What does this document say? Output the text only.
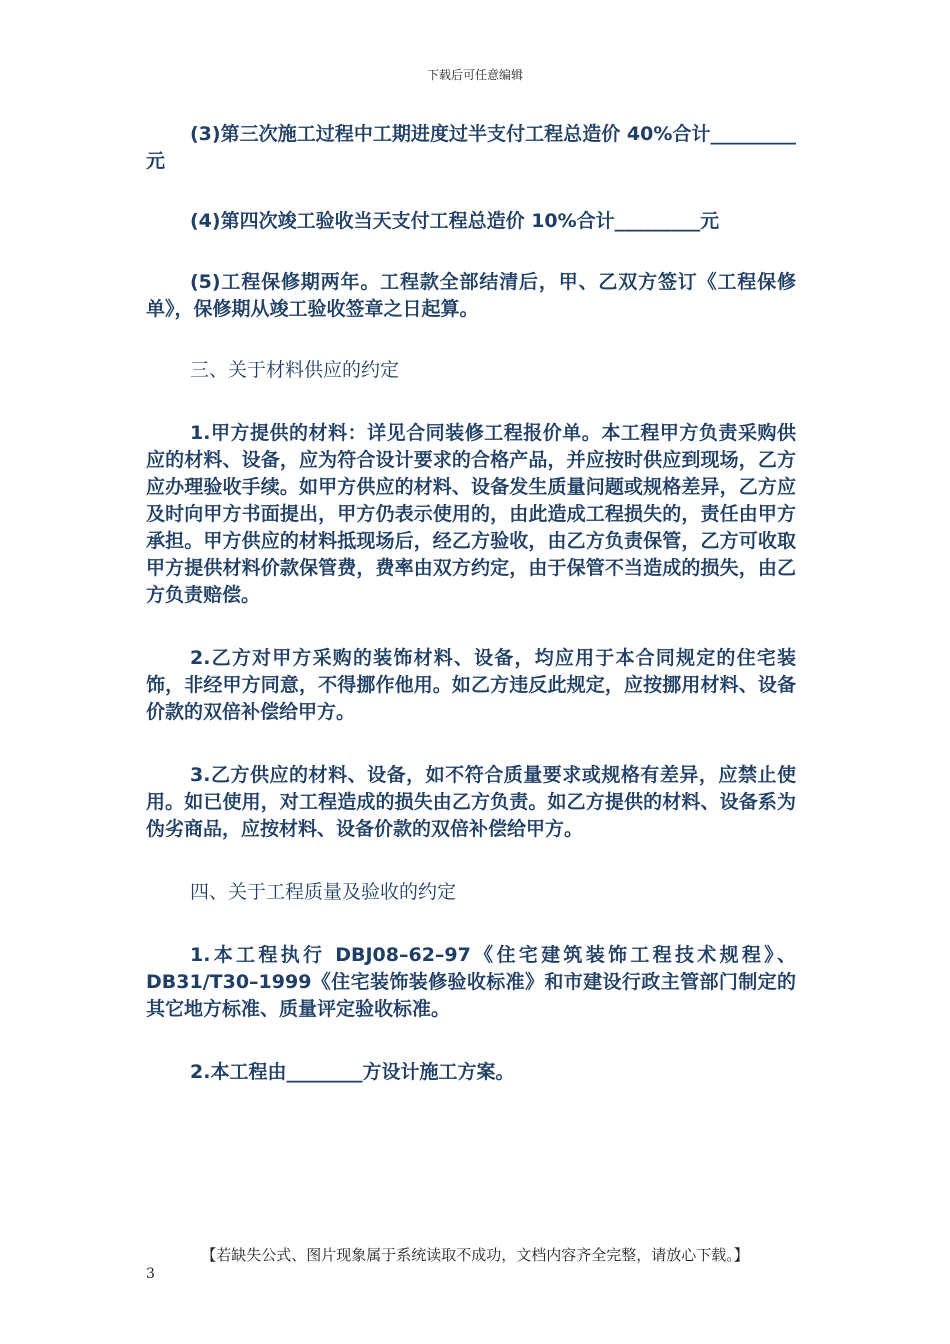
下载后可任意编辑

(3)第三次施工过程中工期进度过半支付工程总造价 40%合计_________元

(4)第四次竣工验收当天支付工程总造价 10%合计_________元

(5)工程保修期两年。工程款全部结清后，甲、乙双方签订《工程保修单》，保修期从竣工验收签章之日起算。

三、关于材料供应的约定

1.甲方提供的材料：详见合同装修工程报价单。本工程甲方负责采购供应的材料、设备，应为符合设计要求的合格产品，并应按时供应到现场，乙方应办理验收手续。如甲方供应的材料、设备发生质量问题或规格差异，乙方应及时向甲方书面提出，甲方仍表示使用的，由此造成工程损失的，责任由甲方承担。甲方供应的材料抵现场后，经乙方验收，由乙方负责保管，乙方可收取甲方提供材料价款保管费，费率由双方约定，由于保管不当造成的损失，由乙方负责赔偿。

2.乙方对甲方采购的装饰材料、设备，均应用于本合同规定的住宅装饰，非经甲方同意，不得挪作他用。如乙方违反此规定，应按挪用材料、设备价款的双倍补偿给甲方。

3.乙方供应的材料、设备，如不符合质量要求或规格有差异，应禁止使用。如已使用，对工程造成的损失由乙方负责。如乙方提供的材料、设备系为伪劣商品，应按材料、设备价款的双倍补偿给甲方。

四、关于工程质量及验收的约定

1.本工程执行 DBJ08–62–97《住宅建筑装饰工程技术规程》、DB31/T30–1999《住宅装饰装修验收标准》和市建设行政主管部门制定的其它地方标准、质量评定验收标准。

2.本工程由________方设计施工方案。

【若缺失公式、图片现象属于系统读取不成功，文档内容齐全完整，请放心下载。】
3
